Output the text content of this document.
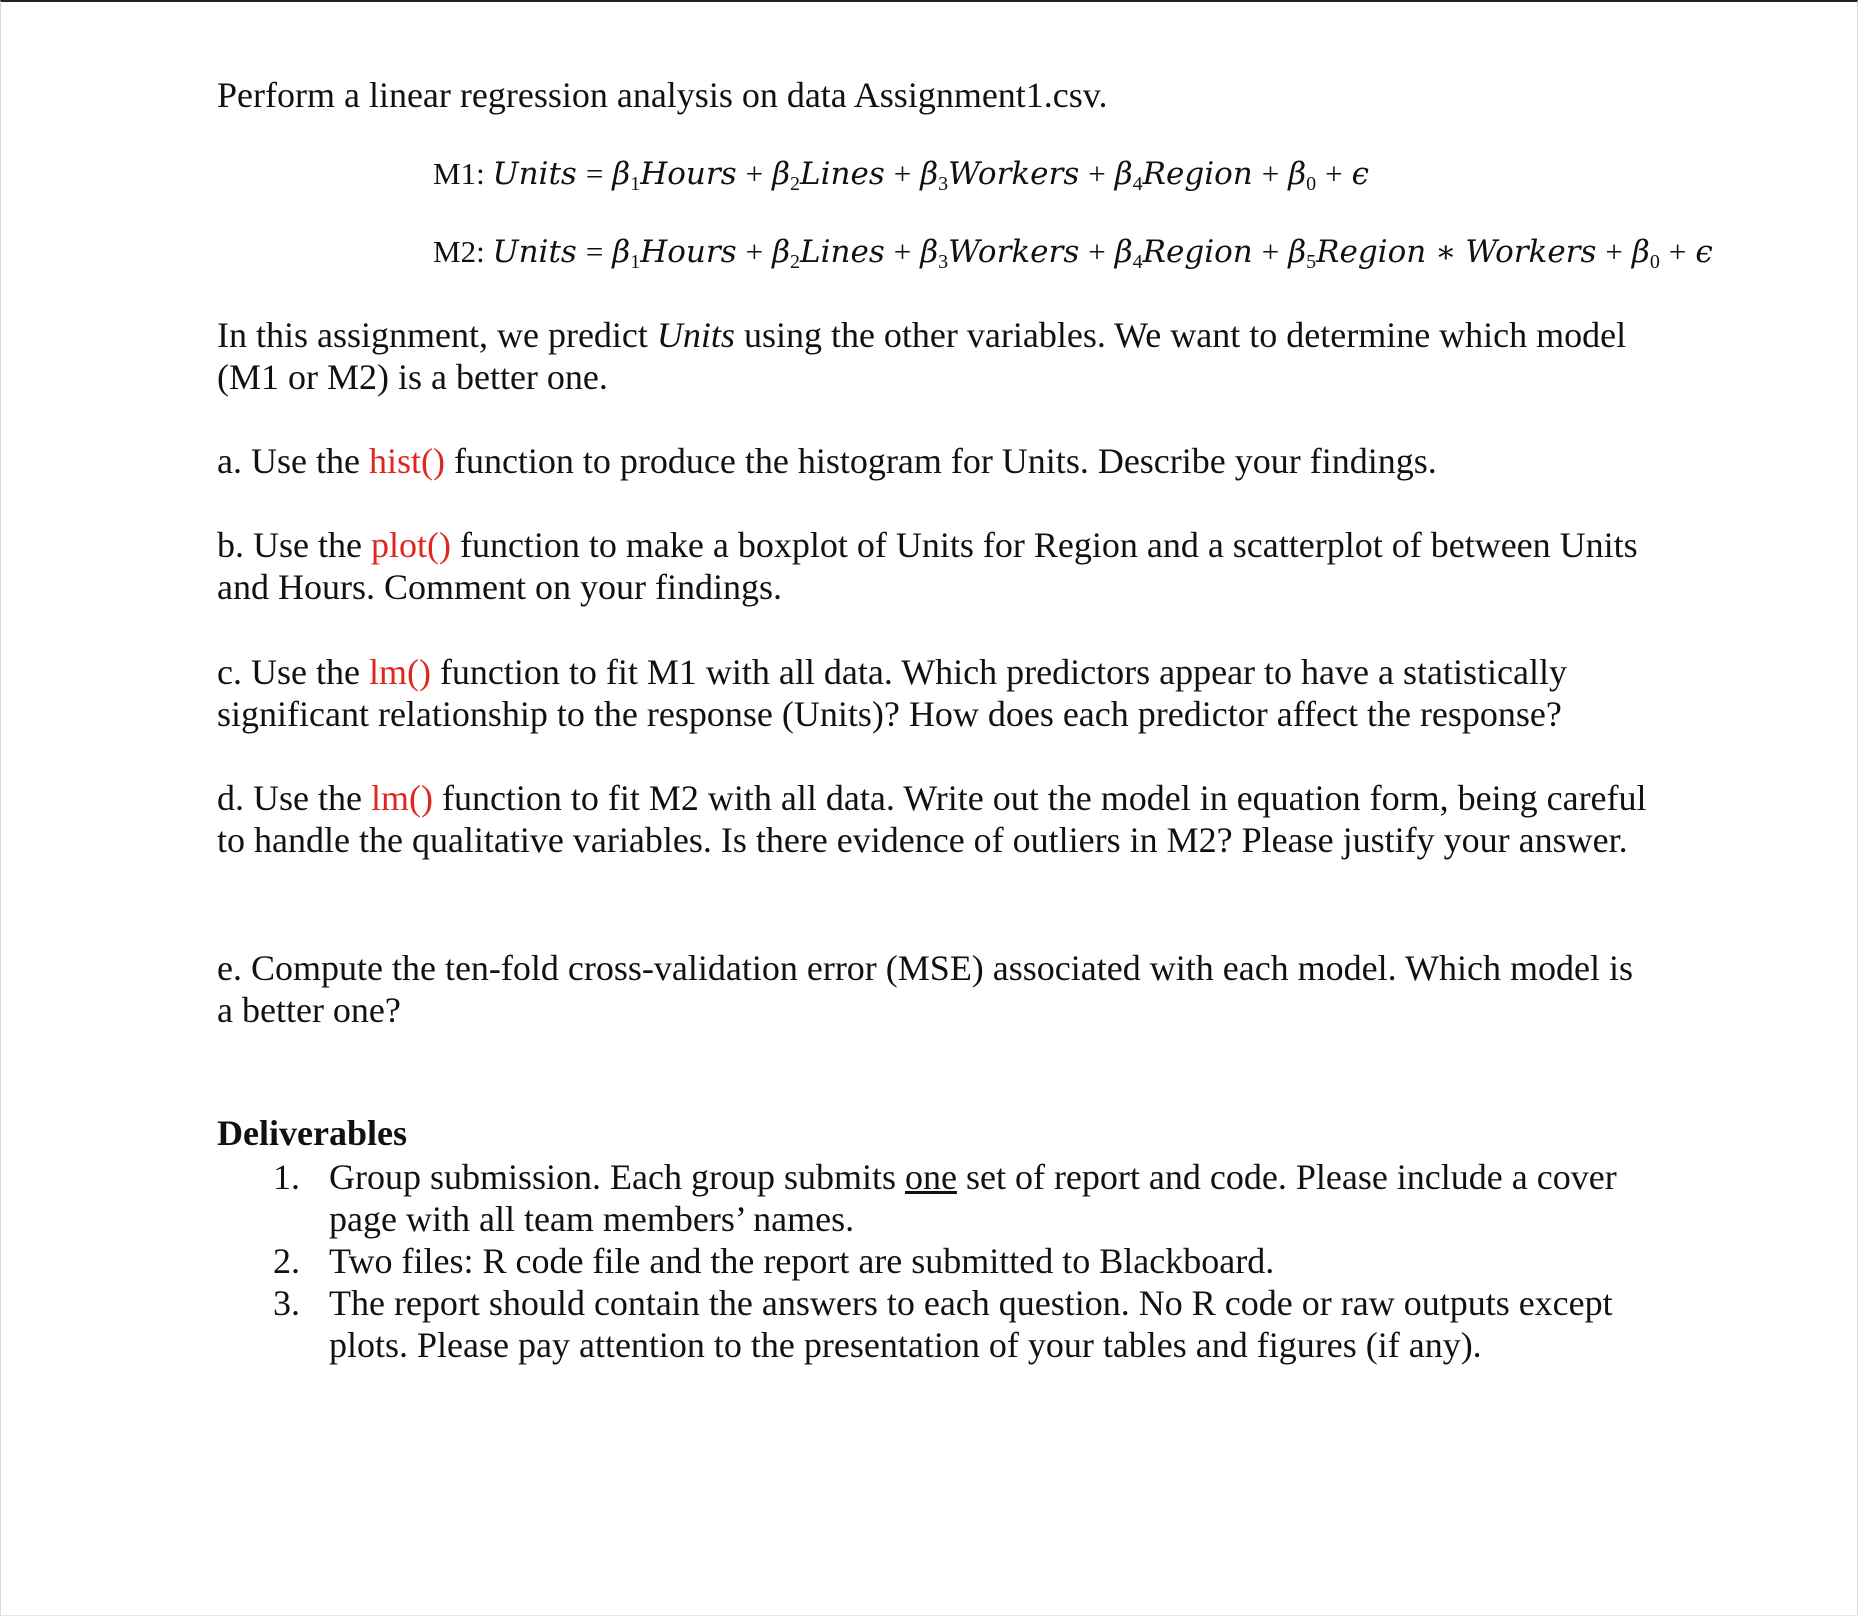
Perform a linear regression analysis on data Assignment1.csv.

M1: Units = $\beta_1Hours$ + $\beta_2Lines$ + $\beta_3Workers$ + $\beta_4Region + \beta_0 + \epsilon$
M2: Units = $\beta_1Hours$ + $\beta_2Lines$ + $\beta_3Workers$ + $\beta_4Region$ + $\beta_5Region$ ∗ Workers + $\beta_0 + \epsilon$

In this assignment, we predict Units using the other variables. We want to determine which model (M1 or M2) is a better one.

a. Use the hist() function to produce the histogram for Units. Describe your findings.

b. Use the plot() function to make a boxplot of Units for Region and a scatterplot of between Units and Hours. Comment on your findings.

c. Use the lm() function to fit M1 with all data. Which predictors appear to have a statistically significant relationship to the response (Units)? How does each predictor affect the response?

d. Use the lm() function to fit M2 with all data. Write out the model in equation form, being careful to handle the qualitative variables. Is there evidence of outliers in M2? Please justify your answer.

e. Compute the ten-fold cross-validation error (MSE) associated with each model. Which model is a better one?

Deliverables
1. Group submission. Each group submits one set of report and code. Please include a cover page with all team members’ names.
2. Two files: R code file and the report are submitted to Blackboard.
3. The report should contain the answers to each question. No R code or raw outputs except plots. Please pay attention to the presentation of your tables and figures (if any).
